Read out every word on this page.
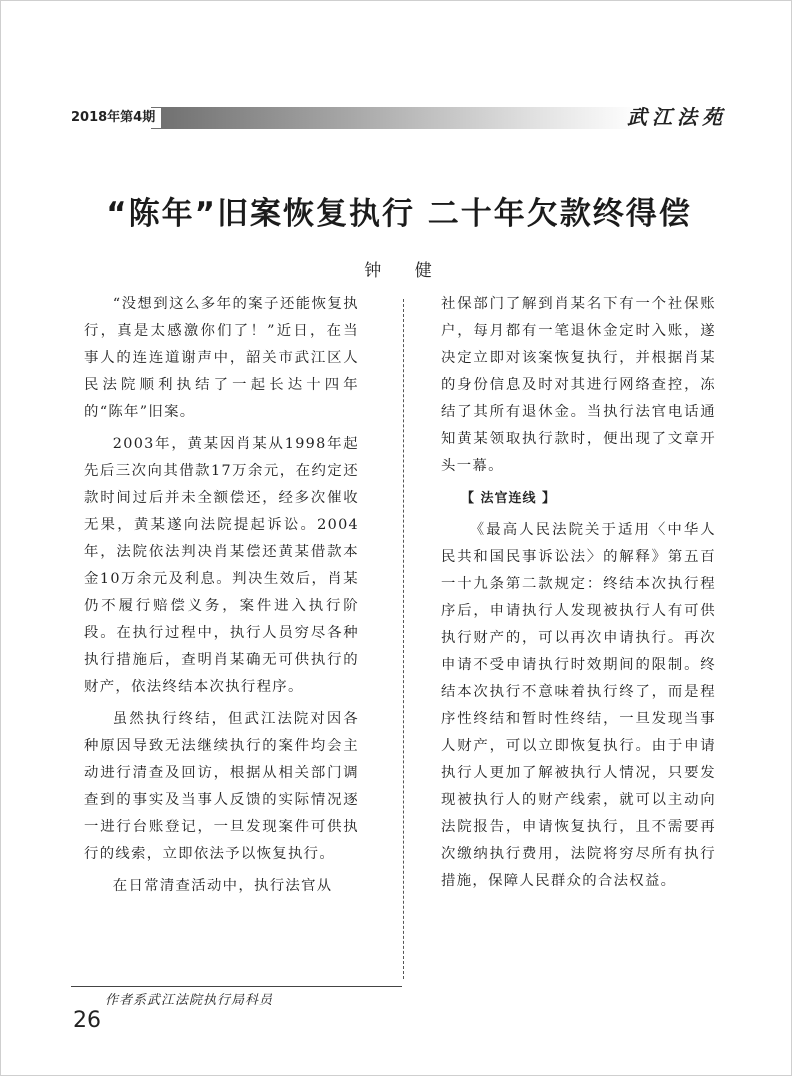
2018年第4期	武江法苑
“陈年”旧案恢复执行 二十年欠款终得偿

钟 健

“没想到这么多年的案子还能恢复执行，真是太感激你们了！”近日，在当事人的连连道谢声中，韶关市武江区人民法院顺利执结了一起长达十四年的“陈年”旧案。

2003年，黄某因肖某从1998年起先后三次向其借款17万余元，在约定还款时间过后并未全额偿还，经多次催收无果，黄某遂向法院提起诉讼。2004年，法院依法判决肖某偿还黄某借款本金10万余元及利息。判决生效后，肖某仍不履行赔偿义务，案件进入执行阶段。在执行过程中，执行人员穷尽各种执行措施后，查明肖某确无可供执行的财产，依法终结本次执行程序。

虽然执行终结，但武江法院对因各种原因导致无法继续执行的案件均会主动进行清查及回访，根据从相关部门调查到的事实及当事人反馈的实际情况逐一进行台账登记，一旦发现案件可供执行的线索，立即依法予以恢复执行。

在日常清查活动中，执行法官从

社保部门了解到肖某名下有一个社保账户，每月都有一笔退休金定时入账，遂决定立即对该案恢复执行，并根据肖某的身份信息及时对其进行网络查控，冻结了其所有退休金。当执行法官电话通知黄某领取执行款时，便出现了文章开头一幕。

【 法官连线 】

《最高人民法院关于适用〈中华人民共和国民事诉讼法〉的解释》第五百一十九条第二款规定：终结本次执行程序后，申请执行人发现被执行人有可供执行财产的，可以再次申请执行。再次申请不受申请执行时效期间的限制。终结本次执行不意味着执行终了，而是程序性终结和暂时性终结，一旦发现当事人财产，可以立即恢复执行。由于申请执行人更加了解被执行人情况，只要发现被执行人的财产线索，就可以主动向法院报告，申请恢复执行，且不需要再次缴纳执行费用，法院将穷尽所有执行措施，保障人民群众的合法权益。

作者系武江法院执行局科员
26
